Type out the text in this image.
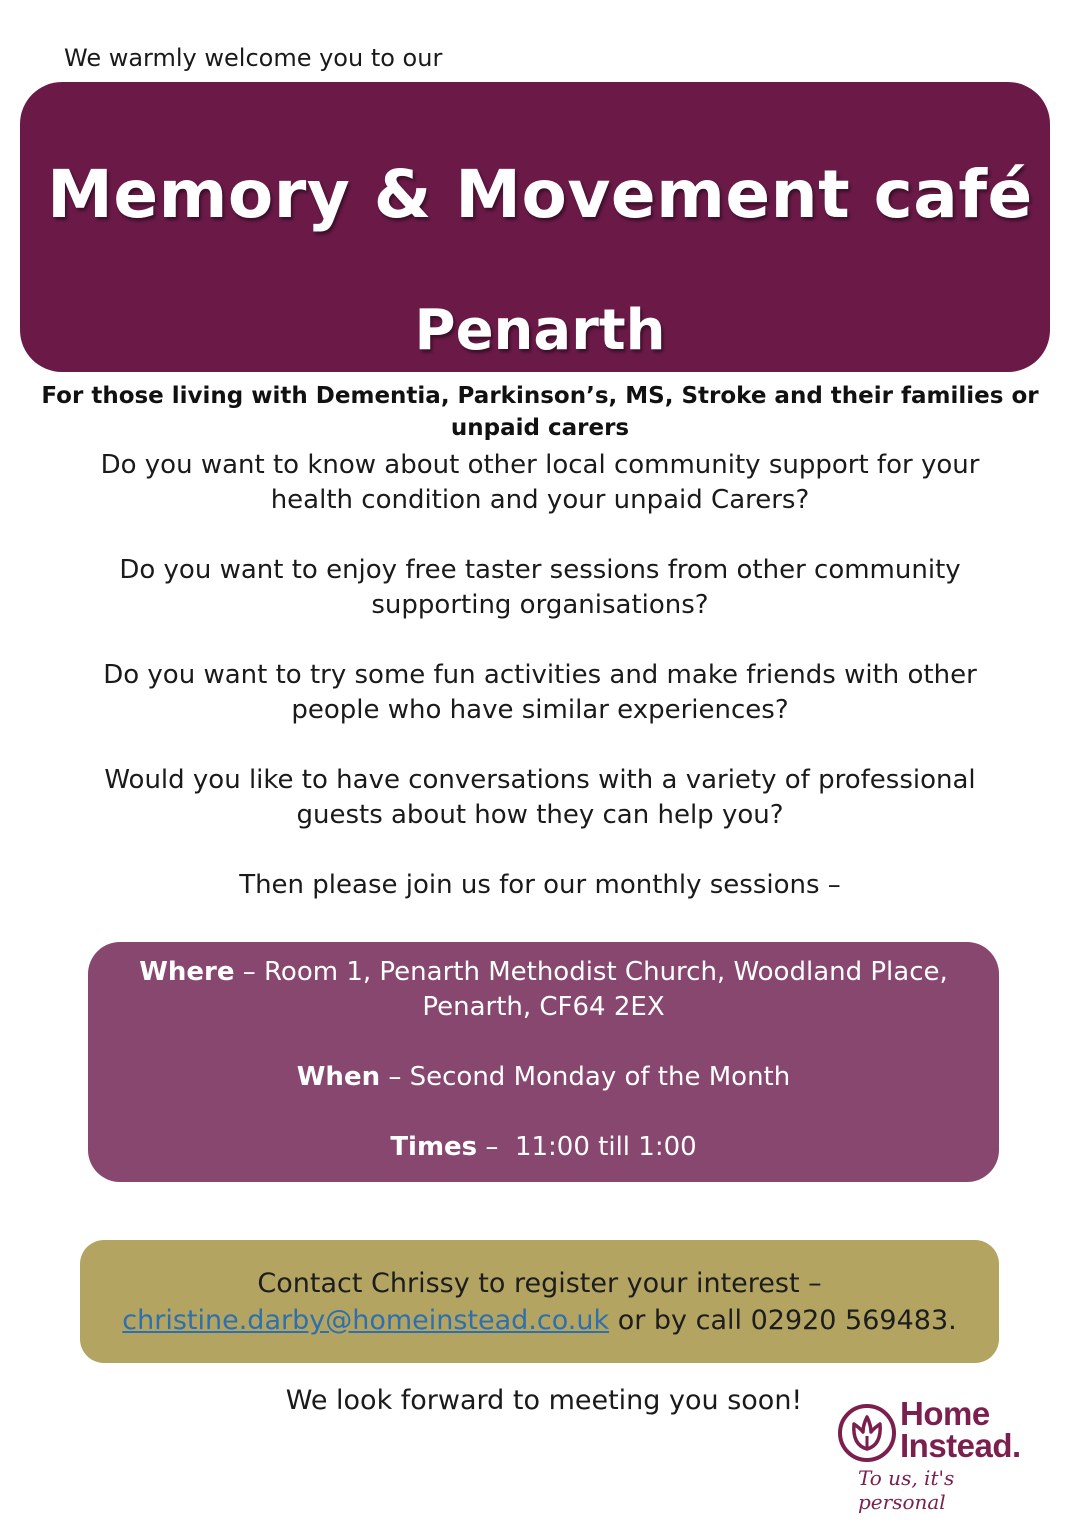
We warmly welcome you to our
Memory & Movement café
Penarth
For those living with Dementia, Parkinson’s, MS, Stroke and their families or
unpaid carers

Do you want to know about other local community support for your
health condition and your unpaid Carers?

Do you want to enjoy free taster sessions from other community
supporting organisations?

Do you want to try some fun activities and make friends with other
people who have similar experiences?

Would you like to have conversations with a variety of professional
guests about how they can help you?

Then please join us for our monthly sessions –

Where – Room 1, Penarth Methodist Church, Woodland Place,
Penarth, CF64 2EX

When – Second Monday of the Month

Times –  11:00 till 1:00

Contact Chrissy to register your interest –
christine.darby@homeinstead.co.uk or by call 02920 569483.
We look forward to meeting you soon!	Home
Instead.
To us, it's personal
